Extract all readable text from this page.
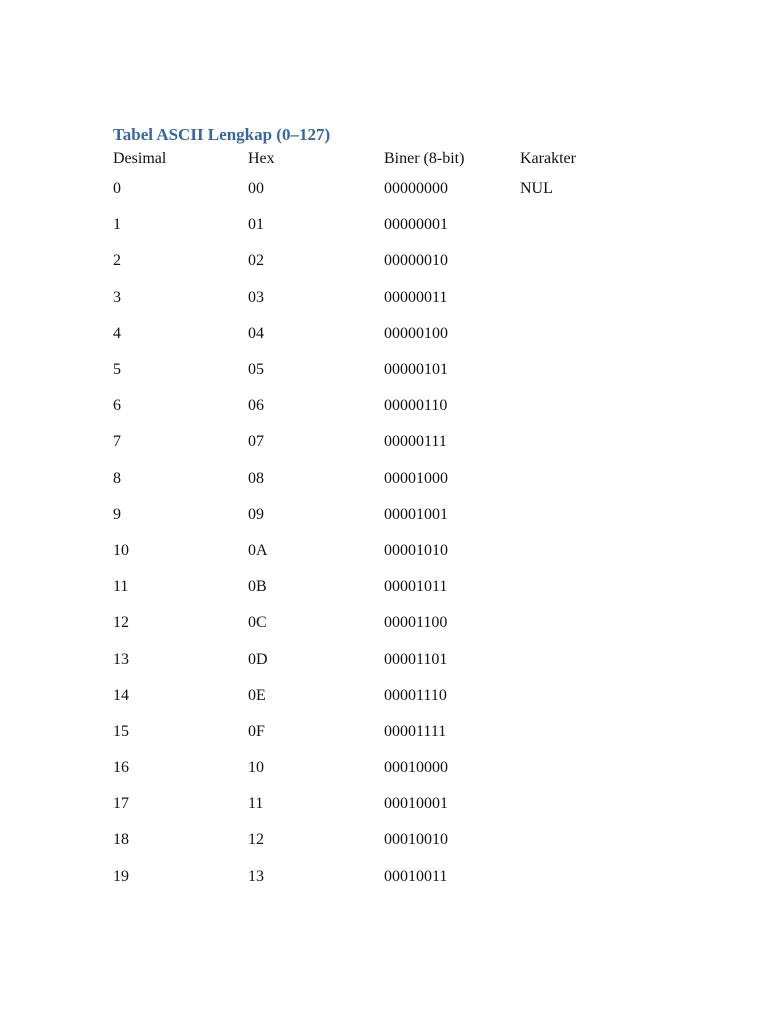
Tabel ASCII Lengkap (0–127)
Desimal	Hex	Biner (8-bit)	Karakter
0	00	00000000	NUL
1	01	00000001
2	02	00000010
3	03	00000011
4	04	00000100
5	05	00000101
6	06	00000110
7	07	00000111
8	08	00001000
9	09	00001001
10	0A	00001010
11	0B	00001011
12	0C	00001100
13	0D	00001101
14	0E	00001110
15	0F	00001111
16	10	00010000
17	11	00010001
18	12	00010010
19	13	00010011
